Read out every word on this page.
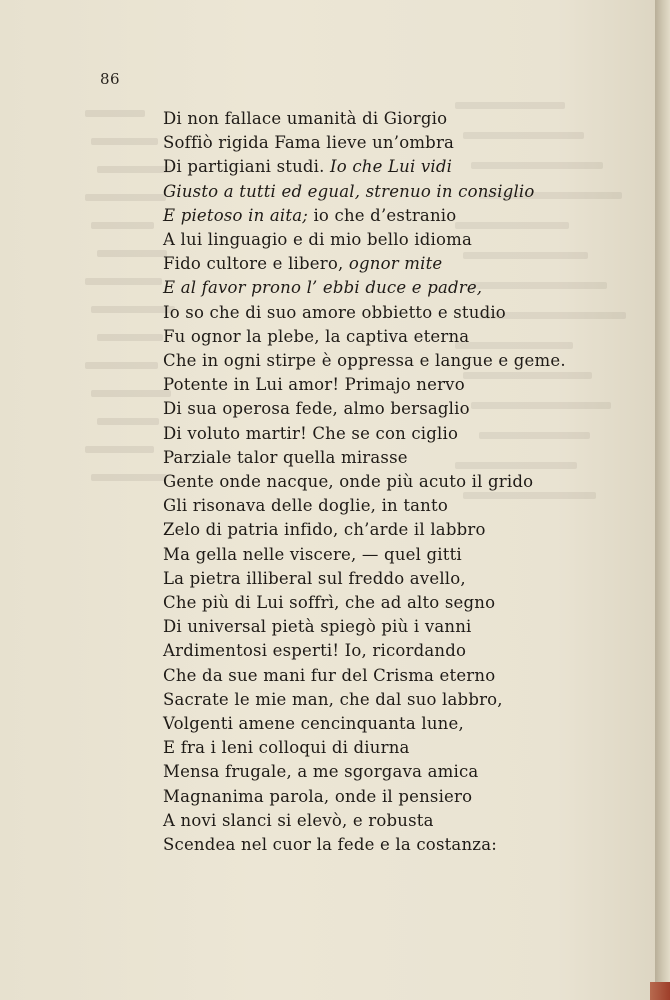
86
Di non fallace umanità di Giorgio
Soffiò rigida Fama lieve un’ombra
Di partigiani studi. Io che Lui vidi
Giusto a tutti ed egual, strenuo in consiglio
E pietoso in aita; io che d’estranio
A lui linguagio e di mio bello idioma
Fido cultore e libero, ognor mite
E al favor prono l’ ebbi duce e padre,
Io so che di suo amore obbietto e studio
Fu ognor la plebe, la captiva eterna
Che in ogni stirpe è oppressa e langue e geme.
Potente in Lui amor! Primajo nervo
Di sua operosa fede, almo bersaglio
Di voluto martir! Che se con ciglio
Parziale talor quella mirasse
Gente onde nacque, onde più acuto il grido
Gli risonava delle doglie, in tanto
Zelo di patria infido, ch’arde il labbro
Ma gella nelle viscere, — quel gitti
La pietra illiberal sul freddo avello,
Che più di Lui soffrì, che ad alto segno
Di universal pietà spiegò più i vanni
Ardimentosi esperti! Io, ricordando
Che da sue mani fur del Crisma eterno
Sacrate le mie man, che dal suo labbro,
Volgenti amene cencinquanta lune,
E fra i leni colloqui di diurna
Mensa frugale, a me sgorgava amica
Magnanima parola, onde il pensiero
A novi slanci si elevò, e robusta
Scendea nel cuor la fede e la costanza:
